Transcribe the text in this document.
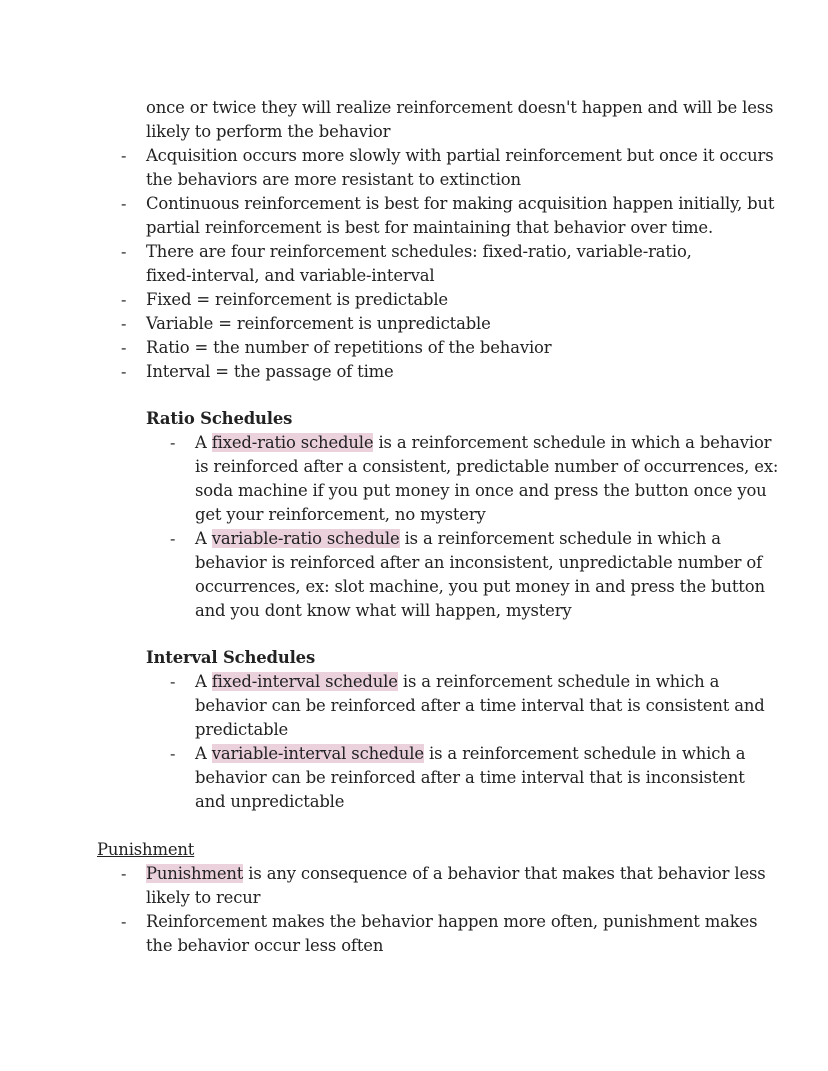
once or twice they will realize reinforcement doesn't happen and will be less
likely to perform the behavior
- Acquisition occurs more slowly with partial reinforcement but once it occurs
the behaviors are more resistant to extinction
- Continuous reinforcement is best for making acquisition happen initially, but
partial reinforcement is best for maintaining that behavior over time.
- There are four reinforcement schedules: fixed-ratio, variable-ratio,
fixed-interval, and variable-interval
- Fixed = reinforcement is predictable
- Variable = reinforcement is unpredictable
- Ratio = the number of repetitions of the behavior
- Interval = the passage of time
Ratio Schedules
- A fixed-ratio schedule is a reinforcement schedule in which a behavior
is reinforced after a consistent, predictable number of occurrences, ex:
soda machine if you put money in once and press the button once you
get your reinforcement, no mystery
- A variable-ratio schedule is a reinforcement schedule in which a
behavior is reinforced after an inconsistent, unpredictable number of
occurrences, ex: slot machine, you put money in and press the button
and you dont know what will happen, mystery
Interval Schedules
- A fixed-interval schedule is a reinforcement schedule in which a
behavior can be reinforced after a time interval that is consistent and
predictable
- A variable-interval schedule is a reinforcement schedule in which a
behavior can be reinforced after a time interval that is inconsistent
and unpredictable
Punishment
- Punishment is any consequence of a behavior that makes that behavior less
likely to recur
- Reinforcement makes the behavior happen more often, punishment makes
the behavior occur less often
